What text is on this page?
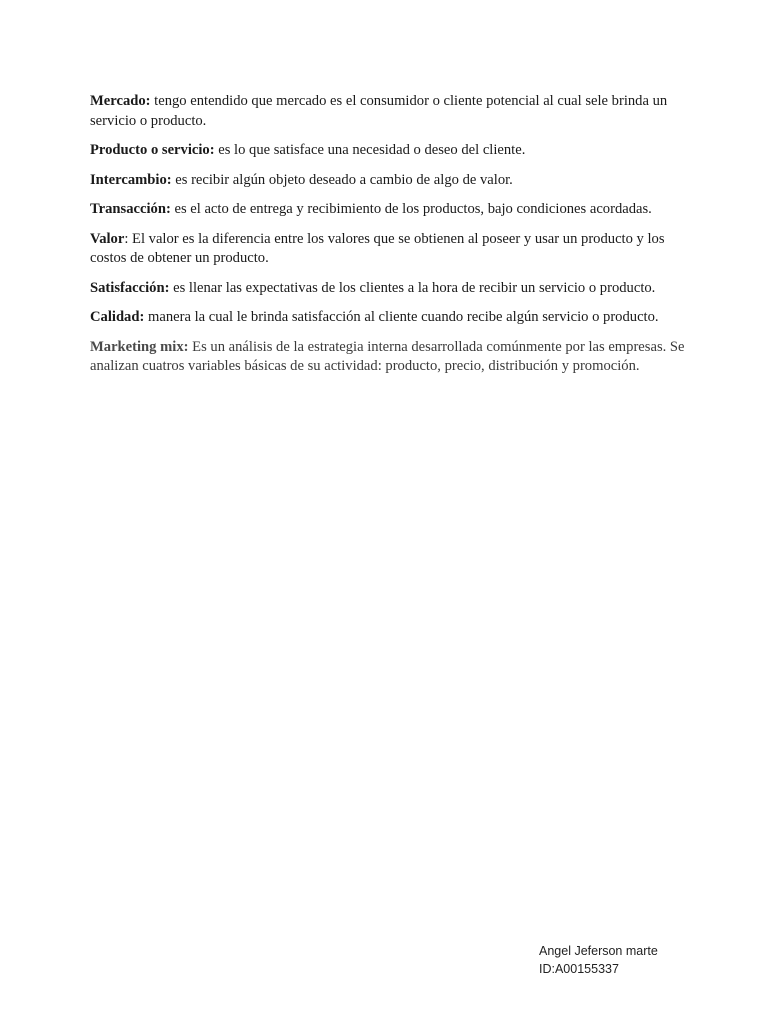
Mercado: tengo entendido que mercado es el consumidor o cliente potencial al cual sele brinda un servicio o producto.

Producto o servicio: es lo que satisface una necesidad o deseo del cliente.

Intercambio: es recibir algún objeto deseado a cambio de algo de valor.

Transacción: es el acto de entrega y recibimiento de los productos, bajo condiciones acordadas.

Valor: El valor es la diferencia entre los valores que se obtienen al poseer y usar un producto y los costos de obtener un producto.

Satisfacción: es llenar las expectativas de los clientes a la hora de recibir un servicio o producto.

Calidad: manera la cual le brinda satisfacción al cliente cuando recibe algún servicio o producto.

Marketing mix: Es un análisis de la estrategia interna desarrollada comúnmente por las empresas. Se analizan cuatros variables básicas de su actividad: producto, precio, distribución y promoción.

Angel Jeferson marte
ID:A00155337
